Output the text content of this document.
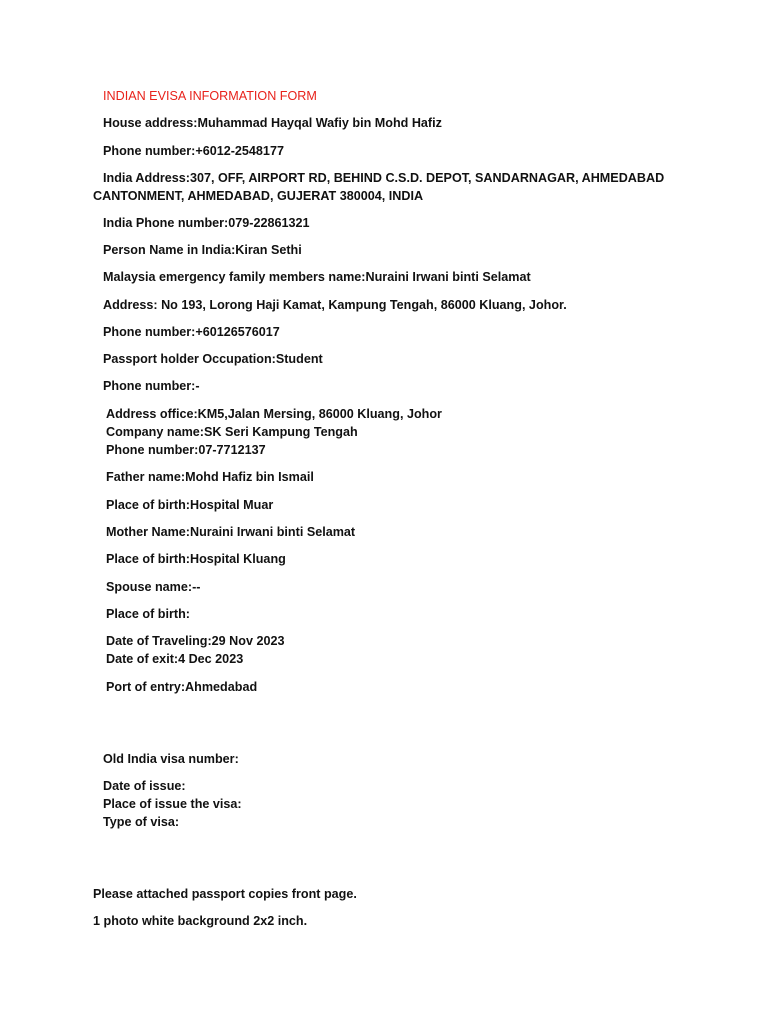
INDIAN EVISA INFORMATION FORM
House address:Muhammad Hayqal Wafiy bin Mohd Hafiz
Phone number:+6012-2548177
India Address:307, OFF, AIRPORT RD, BEHIND C.S.D. DEPOT, SANDARNAGAR, AHMEDABAD
CANTONMENT, AHMEDABAD, GUJERAT 380004, INDIA
India Phone number:079-22861321
Person Name in India:Kiran Sethi
Malaysia emergency family members name:Nuraini Irwani binti Selamat
Address: No 193, Lorong Haji Kamat, Kampung Tengah, 86000 Kluang, Johor.
Phone number:+60126576017
Passport holder Occupation:Student
Phone number:-
Address office:KM5,Jalan Mersing, 86000 Kluang, Johor
Company name:SK Seri Kampung Tengah
Phone number:07-7712137
Father name:Mohd Hafiz bin Ismail
Place of birth:Hospital Muar
Mother Name:Nuraini Irwani binti Selamat
Place of birth:Hospital Kluang
Spouse name:--
Place of birth:
Date of Traveling:29 Nov 2023
Date of exit:4 Dec 2023
Port of entry:Ahmedabad
Old India visa number:
Date of issue:
Place of issue the visa:
Type of visa:
Please attached passport copies front page.
1 photo white background 2x2 inch.
